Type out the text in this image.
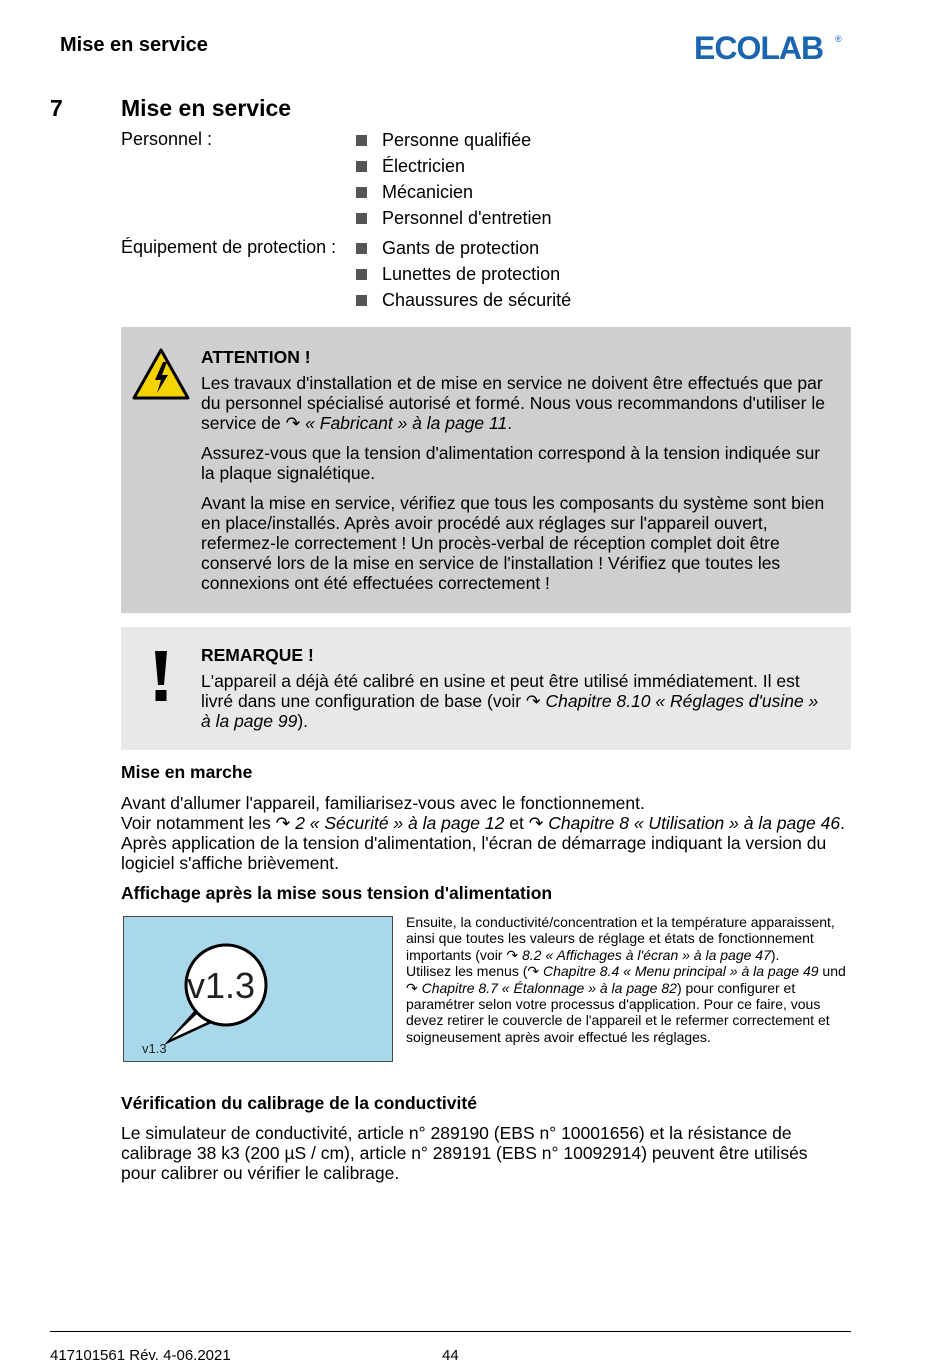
Mise en service	ECOLAB ®
7	Mise en service
Personnel :	Personne qualifiée
Électricien
Mécanicien
Personnel d'entretien
Équipement de protection :	Gants de protection
Lunettes de protection
Chaussures de sécurité
ATTENTION !

Les travaux d'installation et de mise en service ne doivent être effectués que par du personnel spécialisé autorisé et formé. Nous vous recommandons d'utiliser le service de ↷ « Fabricant » à la page 11.

Assurez-vous que la tension d'alimentation correspond à la tension indiquée sur la plaque signalétique.

Avant la mise en service, vérifiez que tous les composants du système sont bien en place/installés. Après avoir procédé aux réglages sur l'appareil ouvert, refermez-le correctement ! Un procès-verbal de réception complet doit être conservé lors de la mise en service de l'installation ! Vérifiez que toutes les connexions ont été effectuées correctement !

REMARQUE !

L'appareil a déjà été calibré en usine et peut être utilisé immédiatement. Il est livré dans une configuration de base (voir ↷ Chapitre 8.10 « Réglages d'usine » à la page 99).

Mise en marche
Avant d'allumer l'appareil, familiarisez-vous avec le fonctionnement.
Voir notamment les ↷ 2 « Sécurité » à la page 12 et ↷ Chapitre 8 « Utilisation » à la page 46. Après application de la tension d'alimentation, l'écran de démarrage indiquant la version du logiciel s'affiche brièvement.
Affichage après la mise sous tension d'alimentation
v1.3
v1.3
Ensuite, la conductivité/concentration et la température apparaissent, ainsi que toutes les valeurs de réglage et états de fonctionnement importants (voir ↷ 8.2 « Affichages à l'écran » à la page 47).
Utilisez les menus (↷ Chapitre 8.4 « Menu principal » à la page 49 und ↷ Chapitre 8.7 « Étalonnage » à la page 82) pour configurer et paramétrer selon votre processus d'application. Pour ce faire, vous devez retirer le couvercle de l'appareil et le refermer correctement et soigneusement après avoir effectué les réglages.
Vérification du calibrage de la conductivité
Le simulateur de conductivité, article n° 289190 (EBS n° 10001656) et la résistance de calibrage 38 k3 (200 µS / cm), article n° 289191 (EBS n° 10092914) peuvent être utilisés pour calibrer ou vérifier le calibrage.
417101561 Rév. 4-06.2021	44
